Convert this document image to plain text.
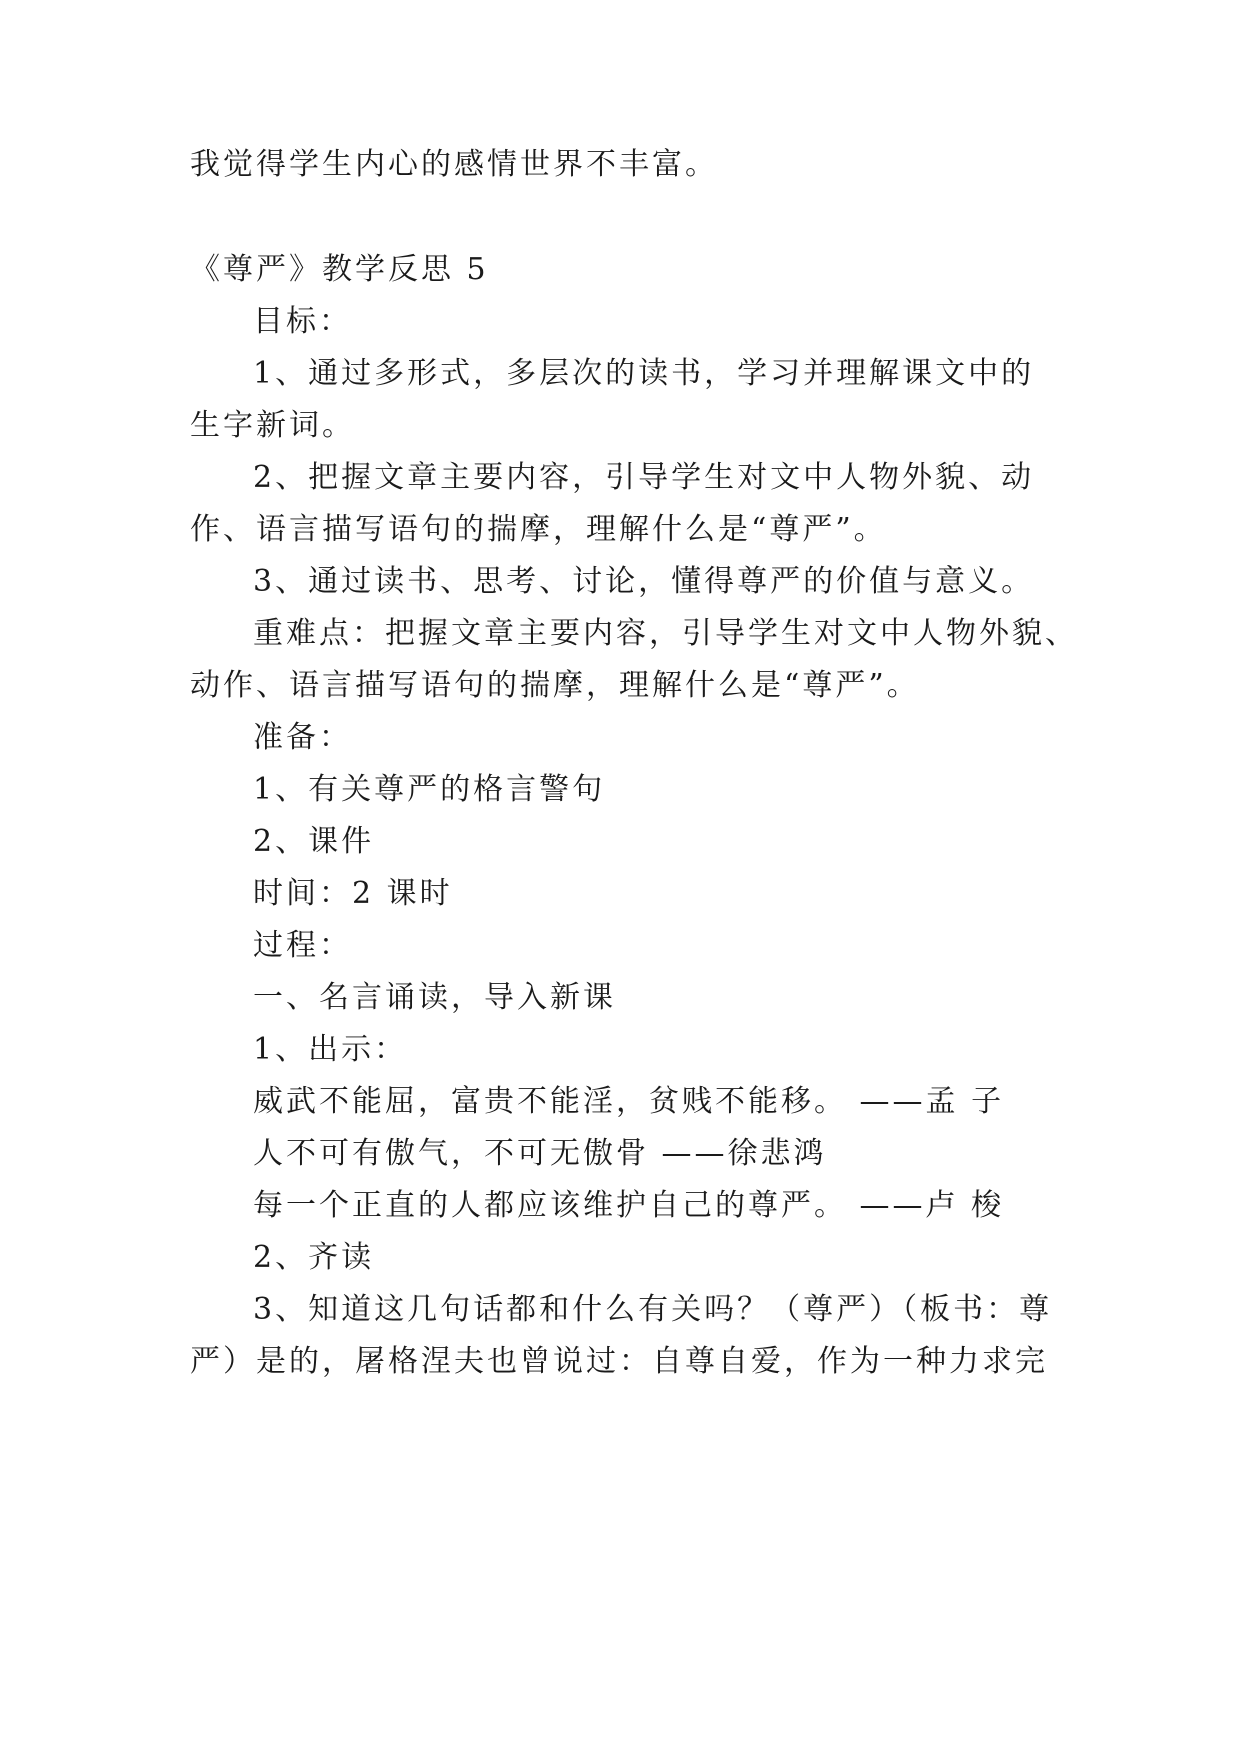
我觉得学生内心的感情世界不丰富。
《尊严》教学反思 5
目标：
1、通过多形式，多层次的读书，学习并理解课文中的
生字新词。
2、把握文章主要内容，引导学生对文中人物外貌、动
作、语言描写语句的揣摩，理解什么是“尊严”。
3、通过读书、思考、讨论，懂得尊严的价值与意义。
重难点：把握文章主要内容，引导学生对文中人物外貌、
动作、语言描写语句的揣摩，理解什么是“尊严”。
准备：
1、有关尊严的格言警句
2、课件
时间：2 课时
过程：
一、名言诵读，导入新课
1、出示：
威武不能屈，富贵不能淫，贫贱不能移。 ——孟 子
人不可有傲气，不可无傲骨 ——徐悲鸿
每一个正直的人都应该维护自己的尊严。 ——卢 梭
2、齐读
3、知道这几句话都和什么有关吗？（尊严）（板书：尊
严）是的，屠格涅夫也曾说过：自尊自爱，作为一种力求完
